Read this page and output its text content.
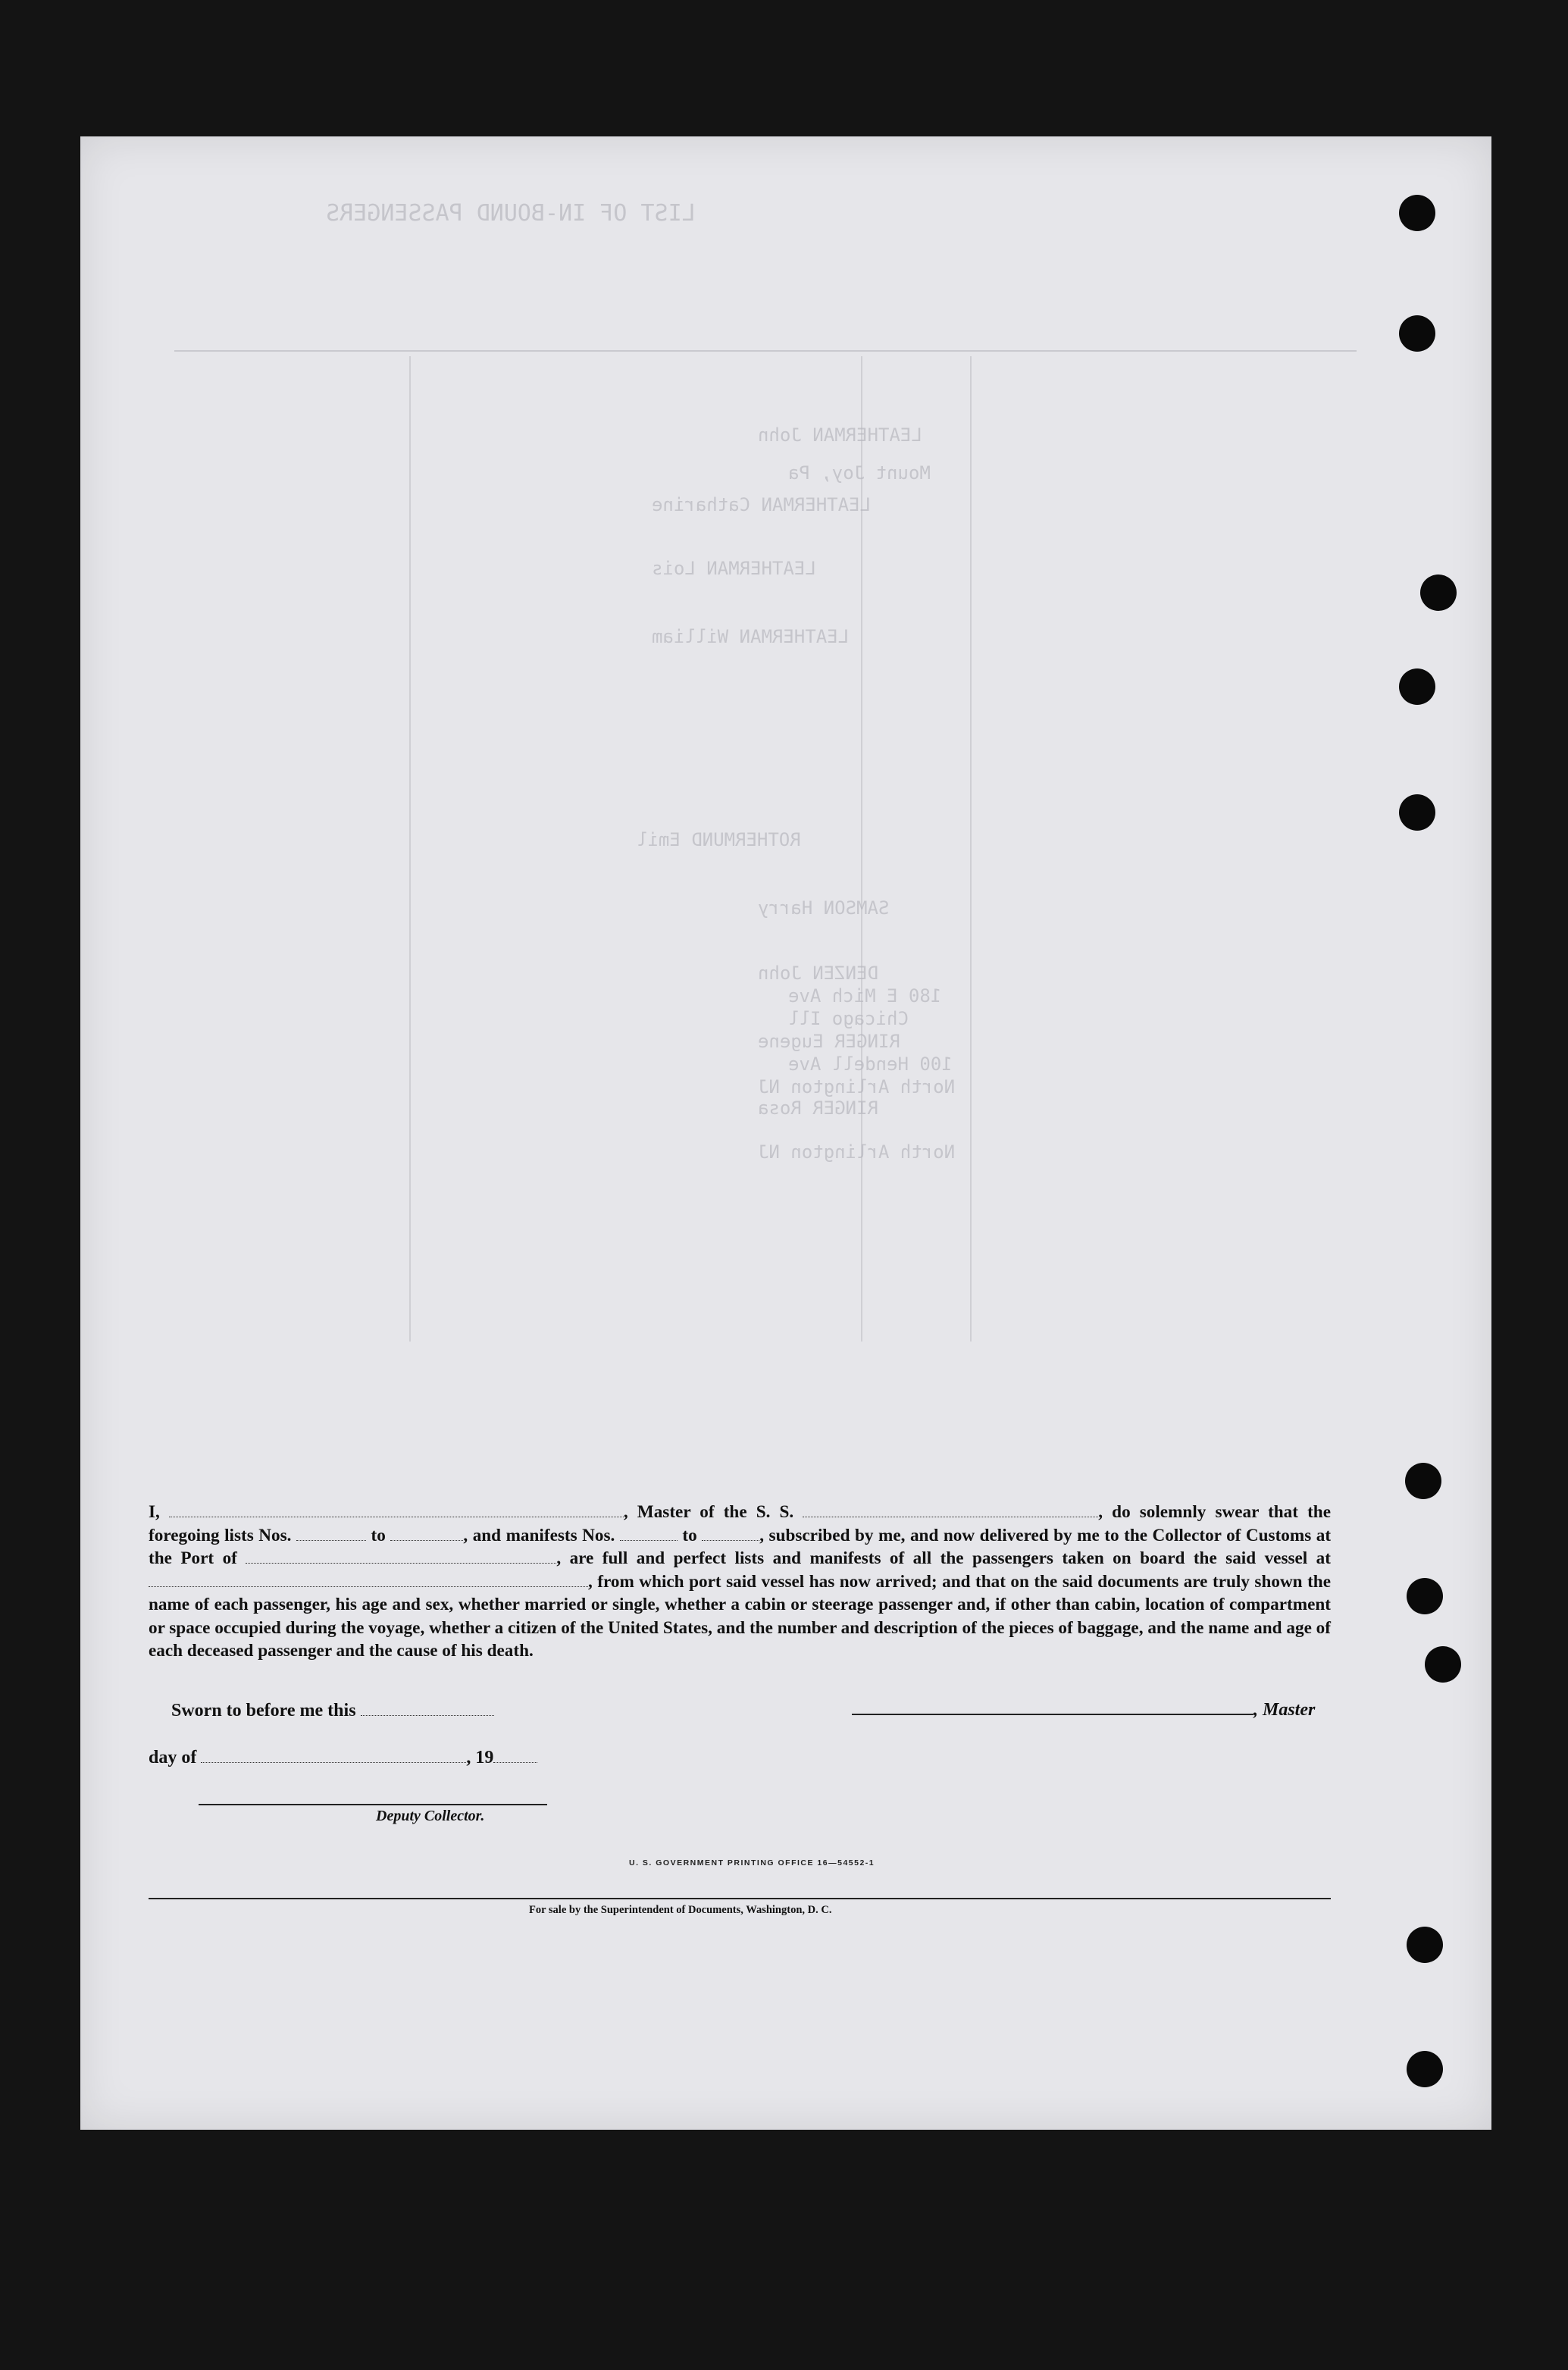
LIST OF IN-BOUND PASSENGERS
LEATHERMAN John
Mount Joy, Pa
LEATHERMAN Catharine
LEATHERMAN Lois
LEATHERMAN William
ROTHERMUND Emil
SAMSON Harry
DENZEN John
180 E Mich Ave
Chicago Ill
RINGER Eugene
100 Hendell Ave
North Arlington NJ
RINGER Rosa
North Arlington NJ
I,	, Master of the S. S.	, do solemnly swear that the foregoing lists Nos.	to	, and manifests Nos.	to	, subscribed by me, and now delivered by me to the Collector of Customs at the Port of	, are full and perfect lists and manifests of all the passengers taken on board the said vessel at , from which port said vessel has now arrived; and that on the said documents are truly shown the name of each passenger, his age and sex, whether married or single, whether a cabin or steerage passenger and, if other than cabin, location of compartment or space occupied during the voyage, whether a citizen of the United States, and the number and description of the pieces of baggage, and the name and age of each deceased passenger and the cause of his death.
Sworn to before me this	, Master
day of	, 19
Deputy Collector.
U. S. GOVERNMENT PRINTING OFFICE 16—54552-1
For sale by the Superintendent of Documents, Washington, D. C.
